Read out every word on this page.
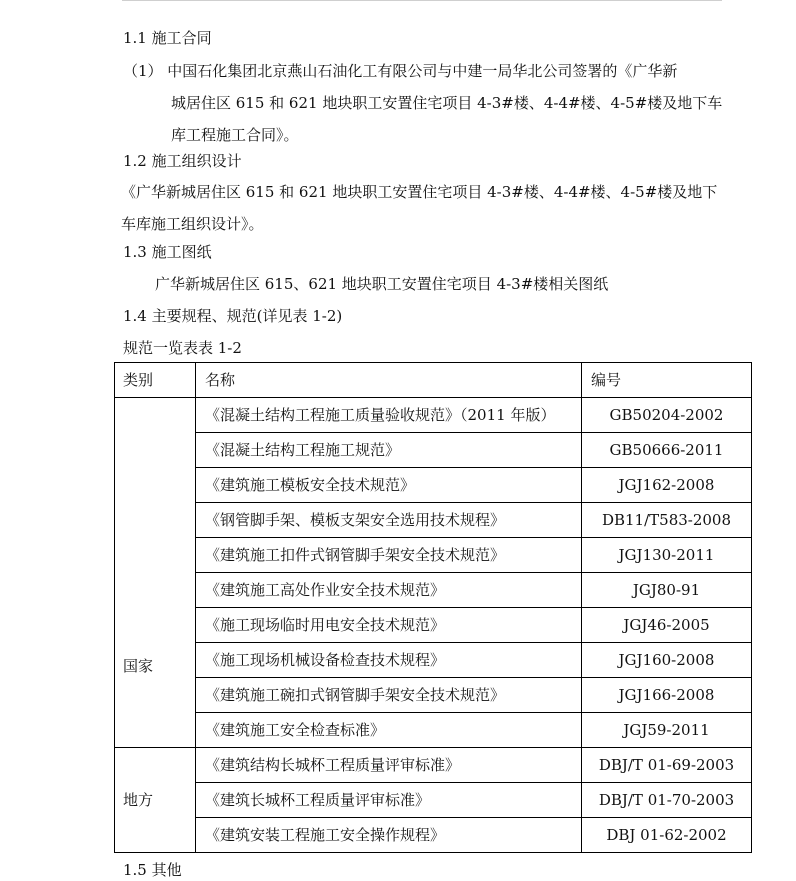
1.1 施工合同
（1） 中国石化集团北京燕山石油化工有限公司与中建一局华北公司签署的《广华新
城居住区 615 和 621 地块职工安置住宅项目 4-3#楼、4-4#楼、4-5#楼及地下车
库工程施工合同》。
1.2 施工组织设计
《广华新城居住区 615 和 621 地块职工安置住宅项目 4-3#楼、4-4#楼、4-5#楼及地下
车库施工组织设计》。
1.3 施工图纸
广华新城居住区 615、621 地块职工安置住宅项目 4-3#楼相关图纸
1.4 主要规程、规范(详见表 1-2)
规范一览表表 1-2
类别	名称	编号
国家	《混凝土结构工程施工质量验收规范》（2011 年版）	GB50204-2002
	《混凝土结构工程施工规范》	GB50666-2011
	《建筑施工模板安全技术规范》	JGJ162-2008
	《钢管脚手架、模板支架安全选用技术规程》	DB11/T583-2008
	《建筑施工扣件式钢管脚手架安全技术规范》	JGJ130-2011
	《建筑施工高处作业安全技术规范》	JGJ80-91
	《施工现场临时用电安全技术规范》	JGJ46-2005
	《施工现场机械设备检查技术规程》	JGJ160-2008
	《建筑施工碗扣式钢管脚手架安全技术规范》	JGJ166-2008
	《建筑施工安全检查标准》	JGJ59-2011
地方	《建筑结构长城杯工程质量评审标准》	DBJ/T 01-69-2003
	《建筑长城杯工程质量评审标准》	DBJ/T 01-70-2003
	《建筑安装工程施工安全操作规程》	DBJ 01-62-2002
1.5 其他
